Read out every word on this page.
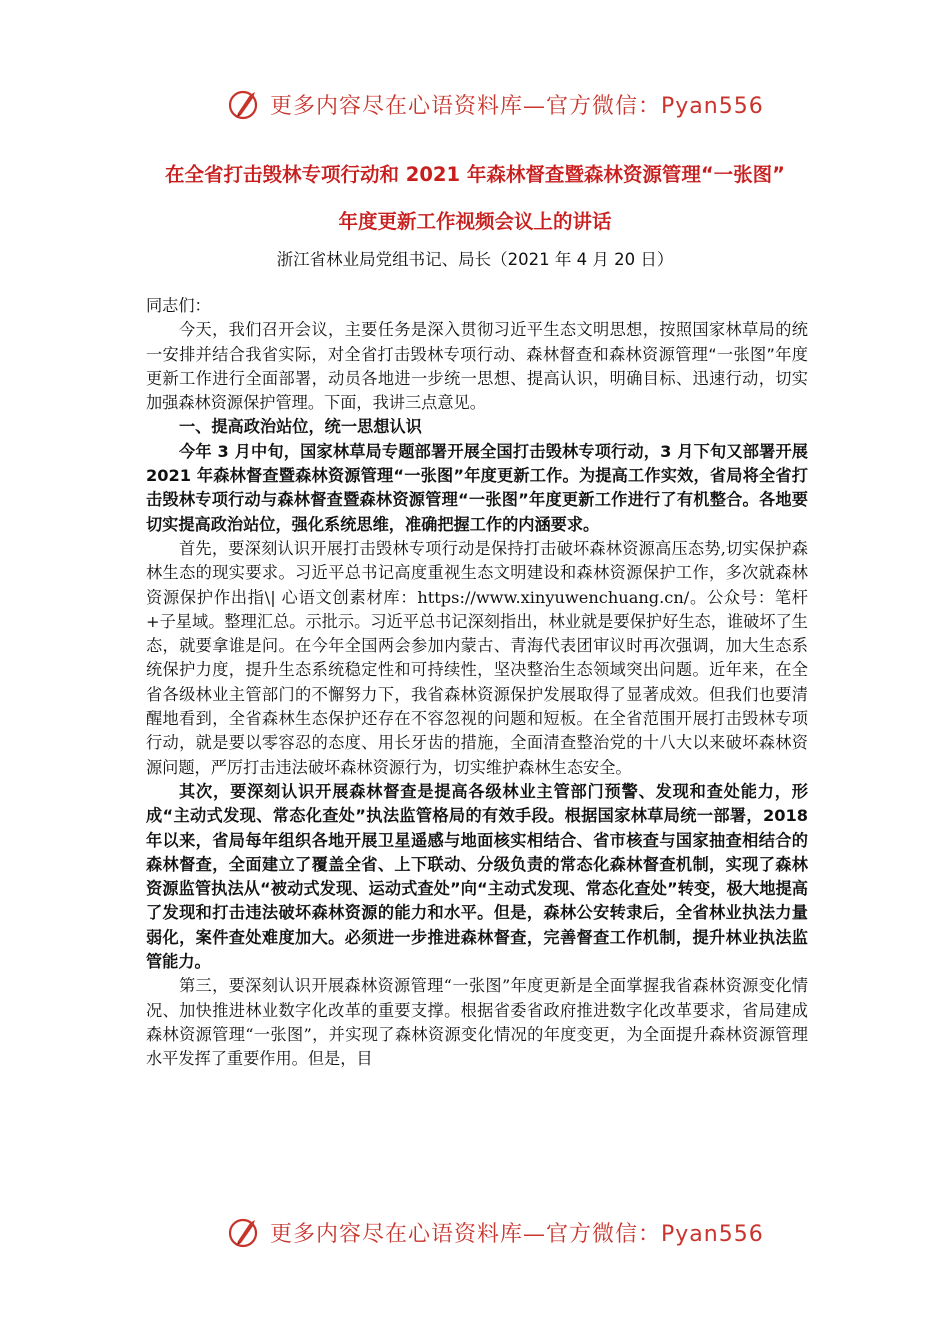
更多内容尽在心语资料库—官方微信：Pyan556
在全省打击毁林专项行动和 2021 年森林督查暨森林资源管理“一张图”
年度更新工作视频会议上的讲话
浙江省林业局党组书记、局长（2021 年 4 月 20 日）

同志们：

今天，我们召开会议，主要任务是深入贯彻习近平生态文明思想，按照国家林草局的统一安排并结合我省实际，对全省打击毁林专项行动、森林督查和森林资源管理“一张图”年度更新工作进行全面部署，动员各地进一步统一思想、提高认识，明确目标、迅速行动，切实加强森林资源保护管理。下面，我讲三点意见。

一、提高政治站位，统一思想认识

今年 3 月中旬，国家林草局专题部署开展全国打击毁林专项行动，3 月下旬又部署开展 2021 年森林督查暨森林资源管理“一张图”年度更新工作。为提高工作实效，省局将全省打击毁林专项行动与森林督查暨森林资源管理“一张图”年度更新工作进行了有机整合。各地要切实提高政治站位，强化系统思维，准确把握工作的内涵要求。

首先，要深刻认识开展打击毁林专项行动是保持打击破坏森林资源高压态势,切实保护森林生态的现实要求。习近平总书记高度重视生态文明建设和森林资源保护工作，多次就森林资源保护作出指\| 心语文创素材库：https://www.xinyuwenchuang.cn/。公众号：笔杆+子星域。整理汇总。示批示。习近平总书记深刻指出，林业就是要保护好生态，谁破坏了生态，就要拿谁是问。在今年全国两会参加内蒙古、青海代表团审议时再次强调，加大生态系统保护力度，提升生态系统稳定性和可持续性，坚决整治生态领域突出问题。近年来，在全省各级林业主管部门的不懈努力下，我省森林资源保护发展取得了显著成效。但我们也要清醒地看到，全省森林生态保护还存在不容忽视的问题和短板。在全省范围开展打击毁林专项行动，就是要以零容忍的态度、用长牙齿的措施，全面清查整治党的十八大以来破坏森林资源问题，严厉打击违法破坏森林资源行为，切实维护森林生态安全。

其次，要深刻认识开展森林督查是提高各级林业主管部门预警、发现和查处能力，形成“主动式发现、常态化查处”执法监管格局的有效手段。根据国家林草局统一部署，2018 年以来，省局每年组织各地开展卫星遥感与地面核实相结合、省市核查与国家抽查相结合的森林督查，全面建立了覆盖全省、上下联动、分级负责的常态化森林督查机制，实现了森林资源监管执法从“被动式发现、运动式查处”向“主动式发现、常态化查处”转变，极大地提高了发现和打击违法破坏森林资源的能力和水平。但是，森林公安转隶后，全省林业执法力量弱化，案件查处难度加大。必须进一步推进森林督查，完善督查工作机制，提升林业执法监管能力。

第三，要深刻认识开展森林资源管理“一张图”年度更新是全面掌握我省森林资源变化情况、加快推进林业数字化改革的重要支撑。根据省委省政府推进数字化改革要求，省局建成森林资源管理“一张图”，并实现了森林资源变化情况的年度变更，为全面提升森林资源管理水平发挥了重要作用。但是，目

更多内容尽在心语资料库—官方微信：Pyan556
